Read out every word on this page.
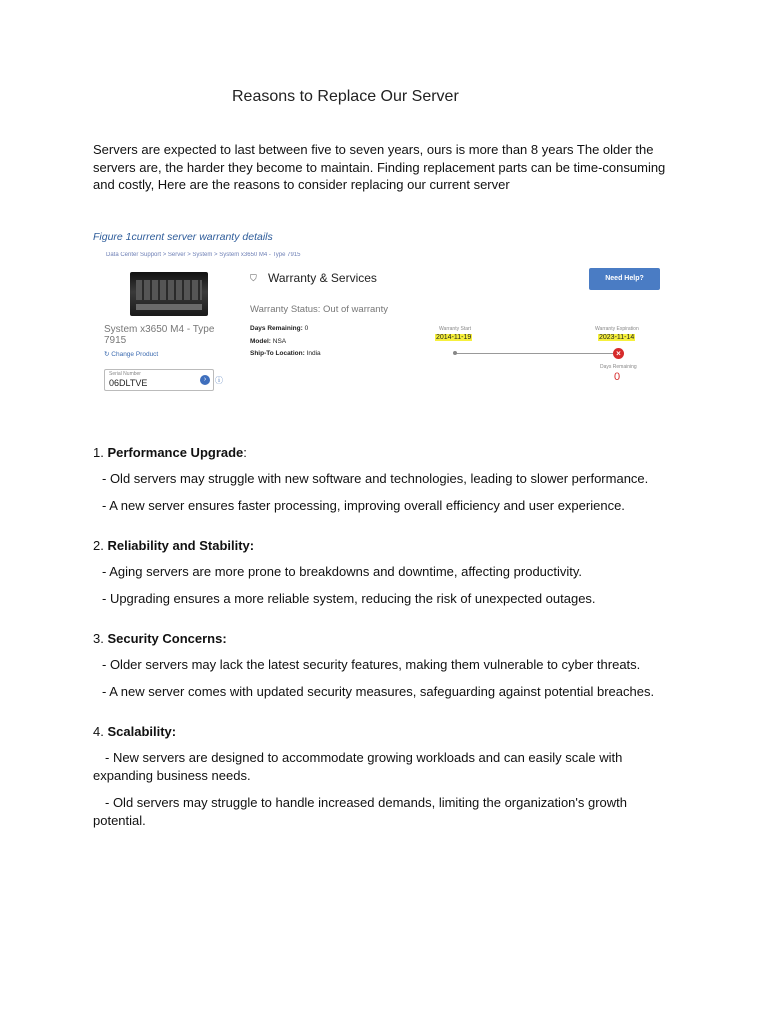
Reasons to Replace Our Server

Servers are expected to last between five to seven years, ours is more than 8 years The older the servers are, the harder they become to maintain. Finding replacement parts can be time-consuming and costly, Here are the reasons to consider replacing our current server

Figure 1current server warranty details
Data Center Support > Server > System > System x3650 M4 - Type 7915
System x3650 M4 - Type 7915
↻ Change Product
Serial Number
06DLTVE	›	ⓘ
⛉ Warranty & Services
Warranty Status: Out of warranty
Days Remaining: 0
Model: NSA
Ship-To Location: India
Need Help?
Warranty Start
2014-11-19
Warranty Expiration
2023-11-14
×
Days Remaining
0
1. Performance Upgrade:
- Old servers may struggle with new software and technologies, leading to slower performance.
- A new server ensures faster processing, improving overall efficiency and user experience.
2. Reliability and Stability:
- Aging servers are more prone to breakdowns and downtime, affecting productivity.
- Upgrading ensures a more reliable system, reducing the risk of unexpected outages.
3. Security Concerns:
- Older servers may lack the latest security features, making them vulnerable to cyber threats.
- A new server comes with updated security measures, safeguarding against potential breaches.
4. Scalability:
- New servers are designed to accommodate growing workloads and can easily scale with expanding business needs.
- Old servers may struggle to handle increased demands, limiting the organization's growth potential.
